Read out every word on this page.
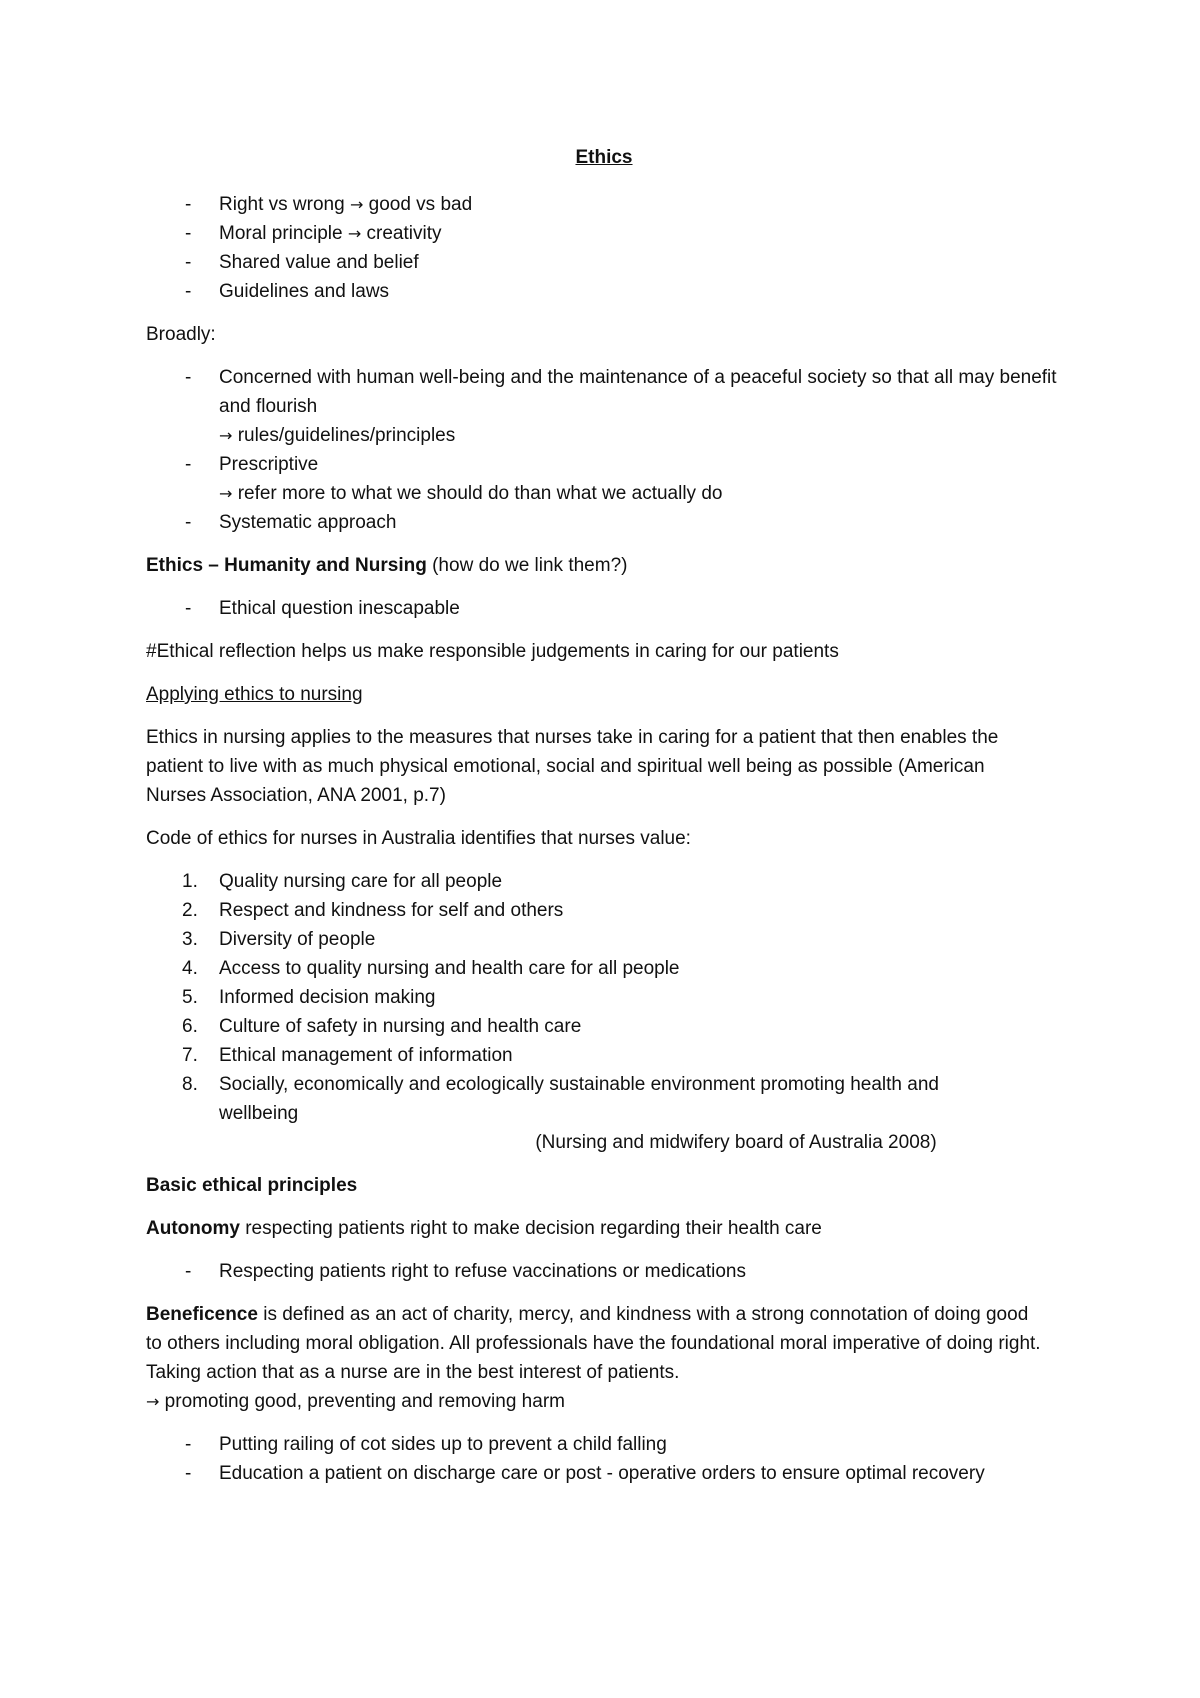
Ethics
- Right vs wrong → good vs bad
- Moral principle → creativity
- Shared value and belief
- Guidelines and laws

Broadly:

- Concerned with human well-being and the maintenance of a peaceful society so that all may benefit and flourish
→ rules/guidelines/principles
- Prescriptive
→ refer more to what we should do than what we actually do
- Systematic approach

Ethics – Humanity and Nursing (how do we link them?)

- Ethical question inescapable

#Ethical reflection helps us make responsible judgements in caring for our patients

Applying ethics to nursing

Ethics in nursing applies to the measures that nurses take in caring for a patient that then enables the patient to live with as much physical emotional, social and spiritual well being as possible (American Nurses Association, ANA 2001, p.7)

Code of ethics for nurses in Australia identifies that nurses value:

1. Quality nursing care for all people
2. Respect and kindness for self and others
3. Diversity of people
4. Access to quality nursing and health care for all people
5. Informed decision making
6. Culture of safety in nursing and health care
7. Ethical management of information
8. Socially, economically and ecologically sustainable environment promoting health and wellbeing

(Nursing and midwifery board of Australia 2008)

Basic ethical principles

Autonomy respecting patients right to make decision regarding their health care

- Respecting patients right to refuse vaccinations or medications

Beneficence is defined as an act of charity, mercy, and kindness with a strong connotation of doing good to others including moral obligation. All professionals have the foundational moral imperative of doing right. Taking action that as a nurse are in the best interest of patients.
→ promoting good, preventing and removing harm

- Putting railing of cot sides up to prevent a child falling
- Education a patient on discharge care or post - operative orders to ensure optimal recovery
